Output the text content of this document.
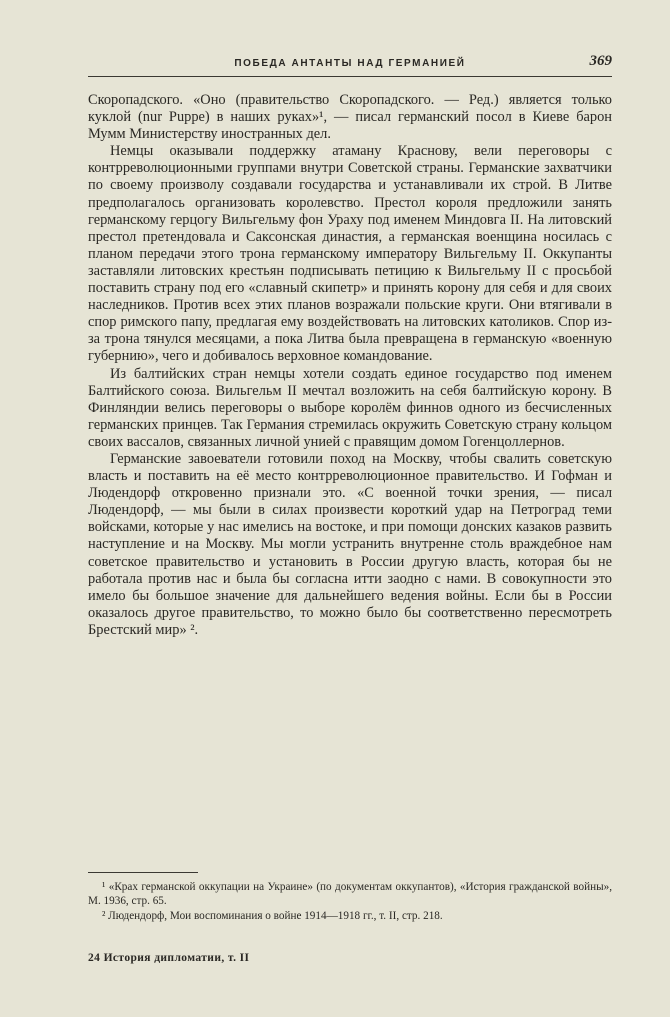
ПОБЕДА АНТАНТЫ НАД ГЕРМАНИЕЙ	369

Скоропадского. «Оно (правительство Скоропадского. — Ред.) является только куклой (nur Puppe) в наших руках»¹, — писал германский посол в Киеве барон Мумм Министерству иностранных дел.

Немцы оказывали поддержку атаману Краснову, вели переговоры с контрреволюционными группами внутри Советской страны. Германские захватчики по своему произволу создавали государства и устанавливали их строй. В Литве предполагалось организовать королевство. Престол короля предложили занять германскому герцогу Вильгельму фон Ураху под именем Миндовга II. На литовский престол претендовала и Саксонская династия, а германская военщина носилась с планом передачи этого трона германскому императору Вильгельму II. Оккупанты заставляли литовских крестьян подписывать петицию к Вильгельму II с просьбой поставить страну под его «славный скипетр» и принять корону для себя и для своих наследников. Против всех этих планов возражали польские круги. Они втягивали в спор римского папу, предлагая ему воздействовать на литовских католиков. Спор из-за трона тянулся месяцами, а пока Литва была превращена в германскую «военную губернию», чего и добивалось верховное командование.

Из балтийских стран немцы хотели создать единое государство под именем Балтийского союза. Вильгельм II мечтал возложить на себя балтийскую корону. В Финляндии велись переговоры о выборе королём финнов одного из бесчисленных германских принцев. Так Германия стремилась окружить Советскую страну кольцом своих вассалов, связанных личной унией с правящим домом Гогенцоллернов.

Германские завоеватели готовили поход на Москву, чтобы свалить советскую власть и поставить на её место контрреволюционное правительство. И Гофман и Людендорф откровенно признали это. «С военной точки зрения, — писал Людендорф, — мы были в силах произвести короткий удар на Петроград теми войсками, которые у нас имелись на востоке, и при помощи донских казаков развить наступление и на Москву. Мы могли устранить внутренне столь враждебное нам советское правительство и установить в России другую власть, которая бы не работала против нас и была бы согласна итти заодно с нами. В совокупности это имело бы большое значение для дальнейшего ведения войны. Если бы в России оказалось другое правительство, то можно было бы соответственно пересмотреть Брестский мир» ².

¹ «Крах германской оккупации на Украине» (по документам оккупантов), «История гражданской войны», М. 1936, стр. 65.

² Людендорф, Мои воспоминания о войне 1914—1918 гг., т. II, стр. 218.

24 История дипломатии, т. II
